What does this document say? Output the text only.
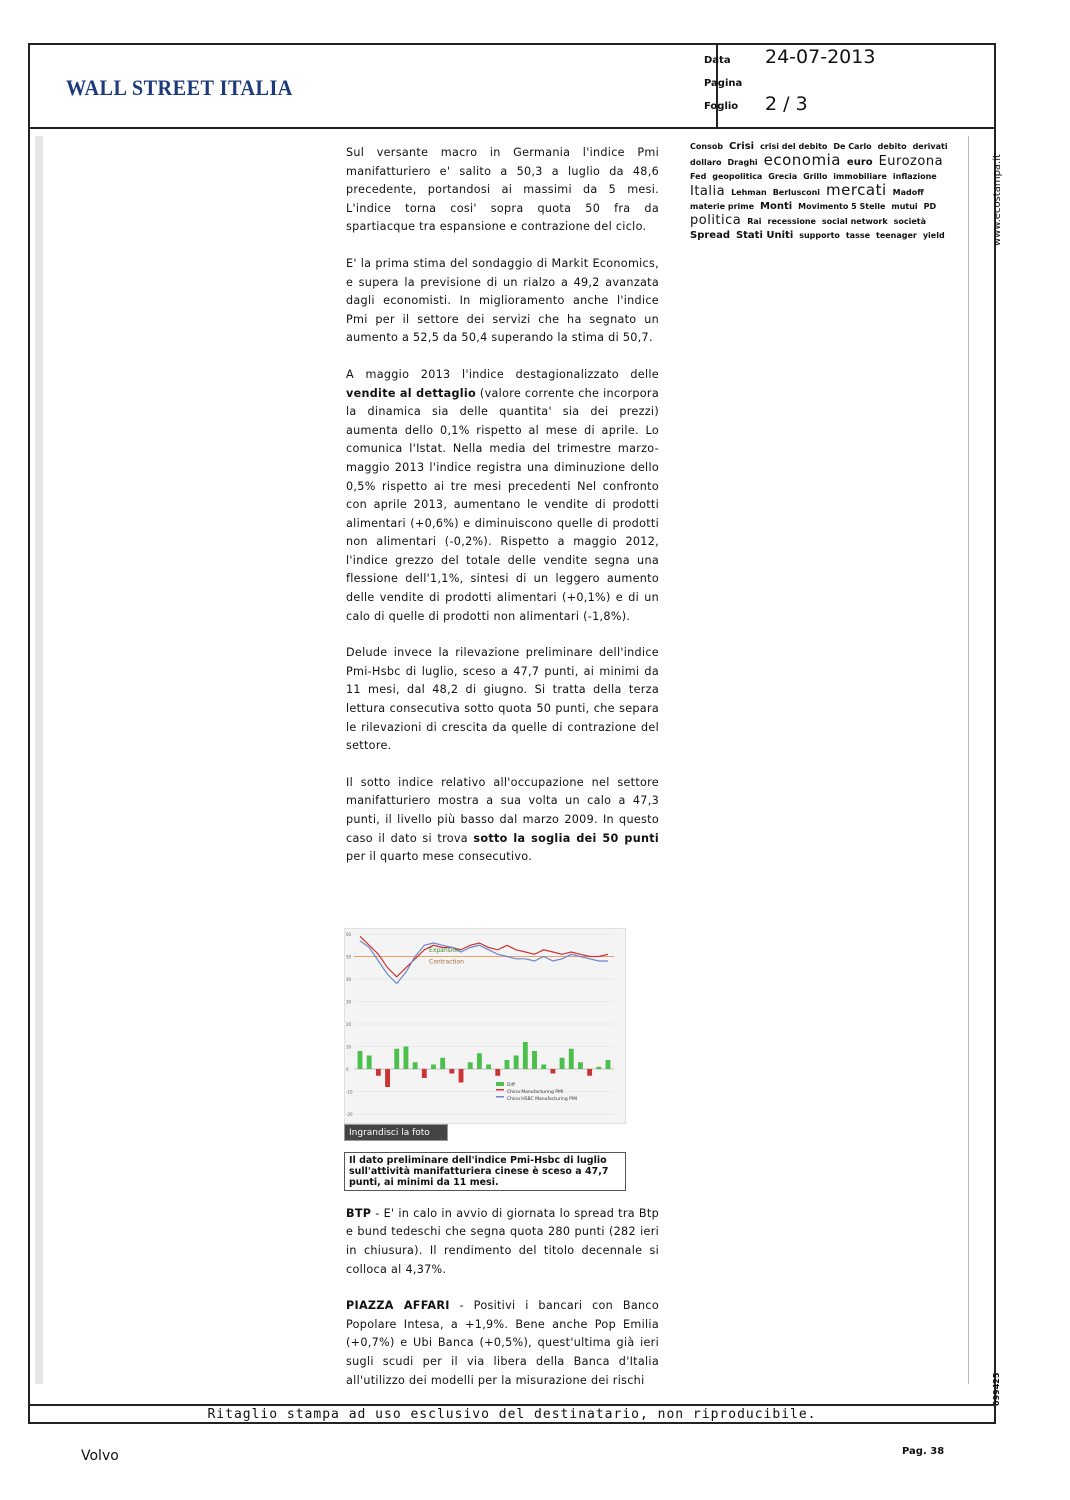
WALL STREET ITALIA
Data 24-07-2013
Pagina
Foglio 2 / 3
Consob Crisi crisi del debito De Carlo debito derivati dollaro Draghi economia euro Eurozona Fed geopolitica Grecia Grillo immobiliare inflazione Italia Lehman Berlusconi mercati Madoff materie prime Monti Movimento 5 Stelle mutui PD politica Rai recessione social network società Spread Stati Uniti supporto tasse teenager yield	www.ecostampa.it
099425

Sul versante macro in Germania l'indice Pmi manifatturiero e' salito a 50,3 a luglio da 48,6 precedente, portandosi ai massimi da 5 mesi. L'indice torna cosi' sopra quota 50 fra da spartiacque tra espansione e contrazione del ciclo.

E' la prima stima del sondaggio di Markit Economics, e supera la previsione di un rialzo a 49,2 avanzata dagli economisti. In miglioramento anche l'indice Pmi per il settore dei servizi che ha segnato un aumento a 52,5 da 50,4 superando la stima di 50,7.

A maggio 2013 l'indice destagionalizzato delle vendite al dettaglio (valore corrente che incorpora la dinamica sia delle quantita' sia dei prezzi) aumenta dello 0,1% rispetto al mese di aprile. Lo comunica l'Istat. Nella media del trimestre marzo-maggio 2013 l'indice registra una diminuzione dello 0,5% rispetto ai tre mesi precedenti Nel confronto con aprile 2013, aumentano le vendite di prodotti alimentari (+0,6%) e diminuiscono quelle di prodotti non alimentari (-0,2%). Rispetto a maggio 2012, l'indice grezzo del totale delle vendite segna una flessione dell'1,1%, sintesi di un leggero aumento delle vendite di prodotti alimentari (+0,1%) e di un calo di quelle di prodotti non alimentari (-1,8%).

Delude invece la rilevazione preliminare dell'indice Pmi-Hsbc di luglio, sceso a 47,7 punti, ai minimi da 11 mesi, dal 48,2 di giugno. Si tratta della terza lettura consecutiva sotto quota 50 punti, che separa le rilevazioni di crescita da quelle di contrazione del settore.

Il sotto indice relativo all'occupazione nel settore manifatturiero mostra a sua volta un calo a 47,3 punti, il livello più basso dal marzo 2009. In questo caso il dato si trova sotto la soglia dei 50 punti per il quarto mese consecutivo.

BTP - E' in calo in avvio di giornata lo spread tra Btp e bund tedeschi che segna quota 280 punti (282 ieri in chiusura). Il rendimento del titolo decennale si colloca al 4,37%.

PIAZZA AFFARI - Positivi i bancari con Banco Popolare Intesa, a +1,9%. Bene anche Pop Emilia (+0,7%) e Ubi Banca (+0,5%), quest'ultima già ieri sugli scudi per il via libera della Banca d'Italia all'utilizzo dei modelli per la misurazione dei rischi

-20
-10
0
10
20
30
40
50
60
Expansion
Contraction
Diff
China Manufacturing PMI
China HSBC Manufacturing PMI
Ingrandisci la foto
Il dato preliminare dell'indice Pmi-Hsbc di luglio sull'attività manifatturiera cinese è sceso a 47,7 punti, ai minimi da 11 mesi.
Ritaglio stampa ad uso esclusivo del destinatario, non riproducibile.
Volvo	Pag. 38
